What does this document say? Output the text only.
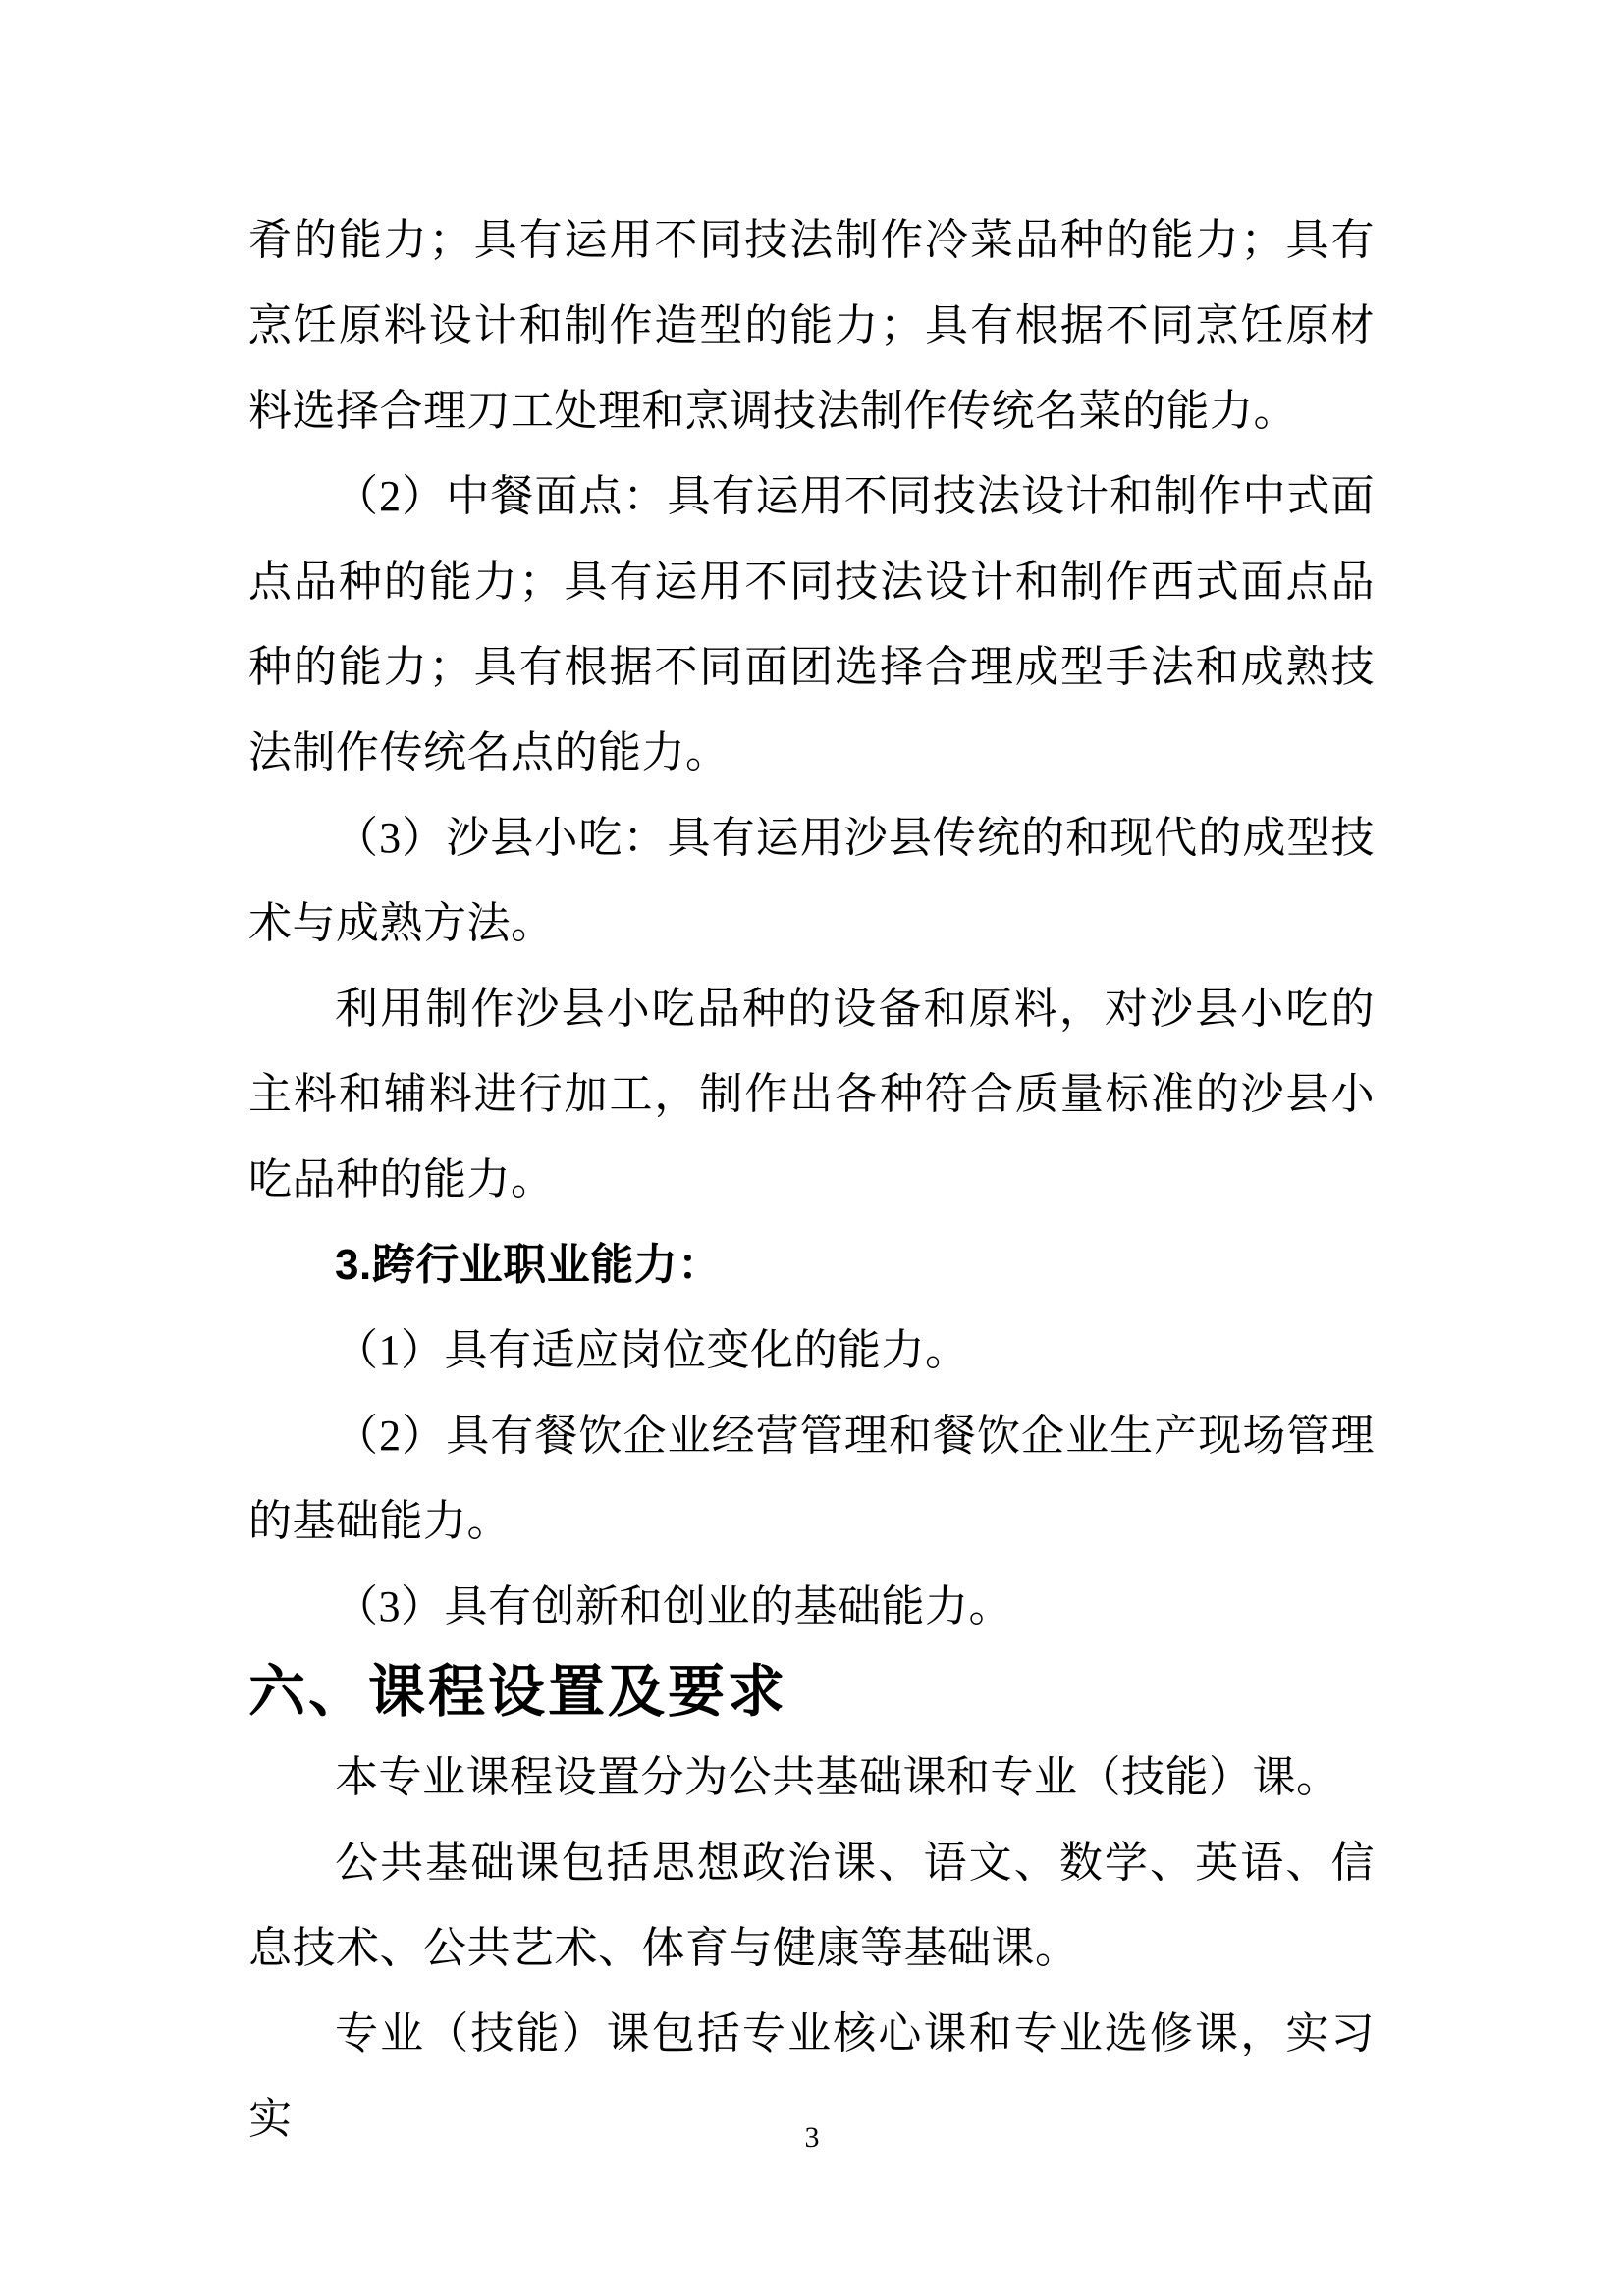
肴的能力；具有运用不同技法制作冷菜品种的能力；具有烹饪原料设计和制作造型的能力；具有根据不同烹饪原材料选择合理刀工处理和烹调技法制作传统名菜的能力。

（2）中餐面点：具有运用不同技法设计和制作中式面点品种的能力；具有运用不同技法设计和制作西式面点品种的能力；具有根据不同面团选择合理成型手法和成熟技法制作传统名点的能力。

（3）沙县小吃：具有运用沙县传统的和现代的成型技术与成熟方法。

利用制作沙县小吃品种的设备和原料，对沙县小吃的主料和辅料进行加工，制作出各种符合质量标准的沙县小吃品种的能力。

3.跨行业职业能力：

（1）具有适应岗位变化的能力。

（2）具有餐饮企业经营管理和餐饮企业生产现场管理的基础能力。

（3）具有创新和创业的基础能力。

六、课程设置及要求

本专业课程设置分为公共基础课和专业（技能）课。

公共基础课包括思想政治课、语文、数学、英语、信息技术、公共艺术、体育与健康等基础课。

专业（技能）课包括专业核心课和专业选修课，实习实	3
